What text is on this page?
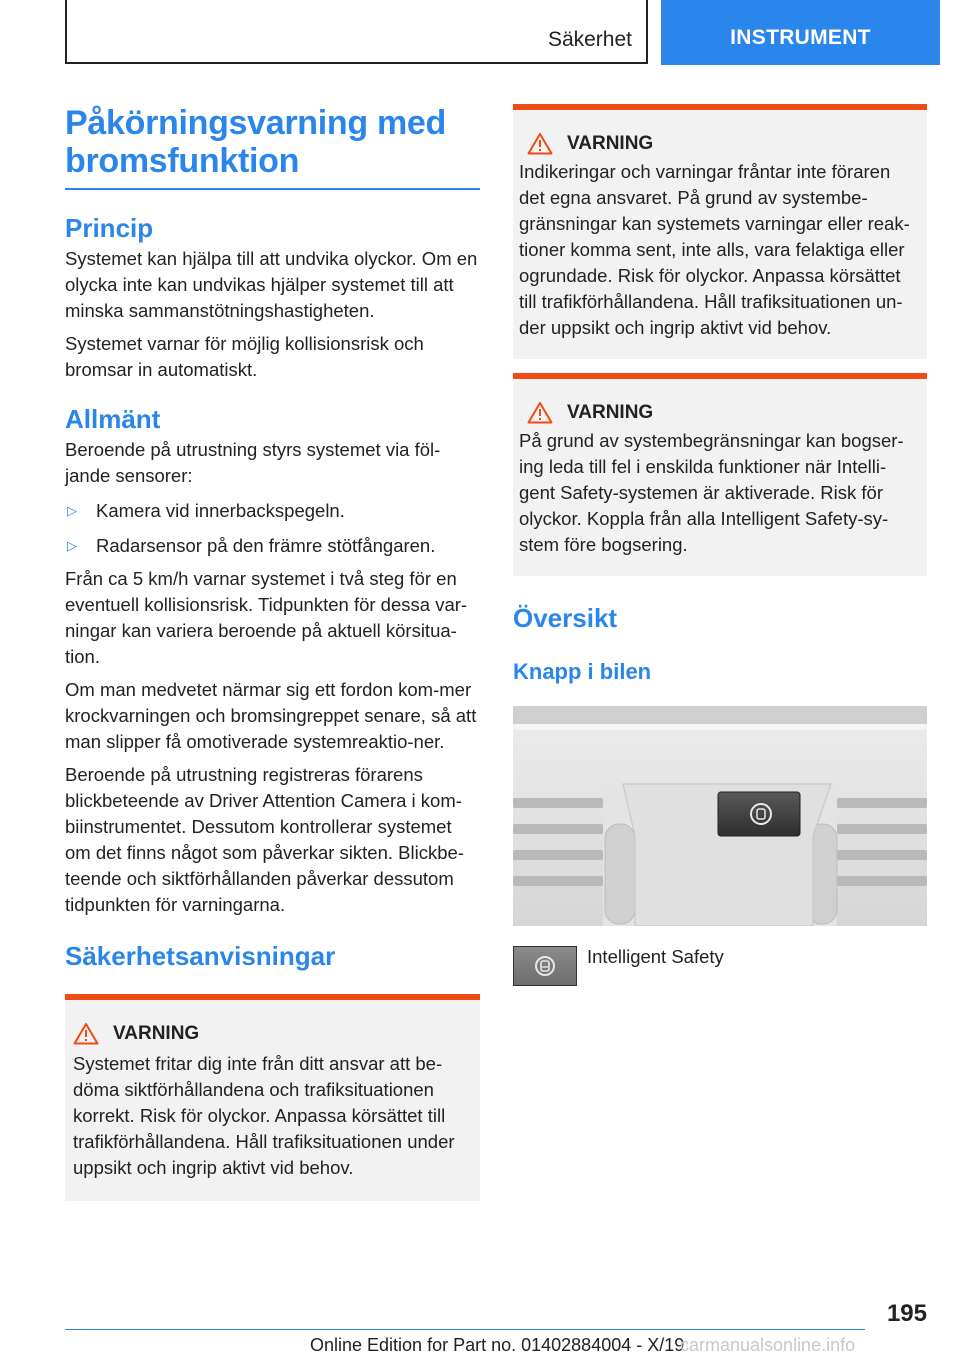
Säkerhet	INSTRUMENT
Påkörningsvarning med bromsfunktion
Princip

Systemet kan hjälpa till att undvika olyckor. Om en olycka inte kan undvikas hjälper systemet till att minska sammanstötningshastigheten.

Systemet varnar för möjlig kollisionsrisk och bromsar in automatiskt.

Allmänt

Beroende på utrustning styrs systemet via föl-jande sensorer:

▷	Kamera vid innerbackspegeln.
▷	Radarsensor på den främre stötfångaren.

Från ca 5 km/h varnar systemet i två steg för en eventuell kollisionsrisk. Tidpunkten för dessa var-ningar kan variera beroende på aktuell körsitua-tion.

Om man medvetet närmar sig ett fordon kom-mer krockvarningen och bromsingreppet senare, så att man slipper få omotiverade systemreaktio-ner.

Beroende på utrustning registreras förarens blickbeteende av Driver Attention Camera i kom-biinstrumentet. Dessutom kontrollerar systemet om det finns något som påverkar sikten. Blickbe-teende och siktförhållanden påverkar dessutom tidpunkten för varningarna.

Säkerhetsanvisningar
VARNING

Systemet fritar dig inte från ditt ansvar att be-döma siktförhållandena och trafiksituationen korrekt. Risk för olyckor. Anpassa körsättet till trafikförhållandena. Håll trafiksituationen under uppsikt och ingrip aktivt vid behov.

VARNING

Indikeringar och varningar fråntar inte föraren det egna ansvaret. På grund av systembe-gränsningar kan systemets varningar eller reak-tioner komma sent, inte alls, vara felaktiga eller ogrundade. Risk för olyckor. Anpassa körsättet till trafikförhållandena. Håll trafiksituationen un-der uppsikt och ingrip aktivt vid behov.

VARNING

På grund av systembegränsningar kan bogser-ing leda till fel i enskilda funktioner när Intelli-gent Safety-systemen är aktiverade. Risk för olyckor. Koppla från alla Intelligent Safety-sy-stem före bogsering.

Översikt
Knapp i bilen
Intelligent Safety
195
Online Edition for Part no. 01402884004 - X/19
carmanualsonline.info
